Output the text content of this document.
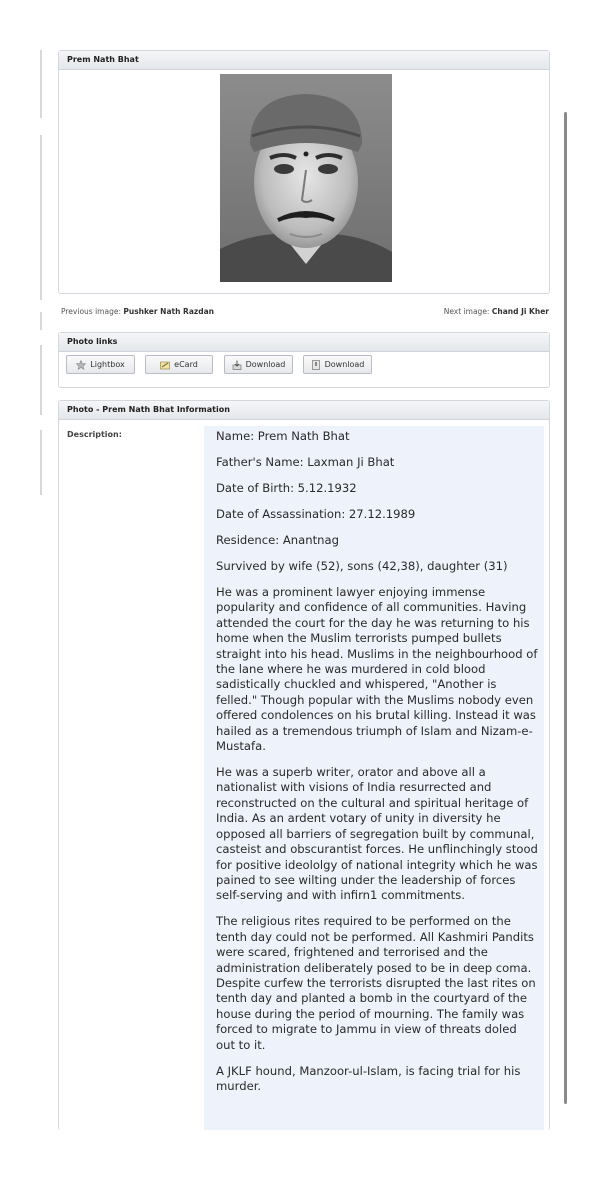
Prem Nath Bhat
Previous image: Pushker Nath Razdan	Next image: Chand Ji Kher
Photo links
Lightbox	eCard	Download	Download
Photo - Prem Nath Bhat Information
Description:	Name: Prem Nath Bhat

Father's Name: Laxman Ji Bhat

Date of Birth: 5.12.1932

Date of Assassination: 27.12.1989

Residence: Anantnag

Survived by wife (52), sons (42,38), daughter (31)

He was a prominent lawyer enjoying immense popularity and confidence of all communities. Having attended the court for the day he was returning to his home when the Muslim terrorists pumped bullets straight into his head. Muslims in the neighbourhood of the lane where he was murdered in cold blood sadistically chuckled and whispered, "Another is felled." Though popular with the Muslims nobody even offered condolences on his brutal killing. Instead it was hailed as a tremendous triumph of Islam and Nizam-e-Mustafa.

He was a superb writer, orator and above all a nationalist with visions of India resurrected and reconstructed on the cultural and spiritual heritage of India. As an ardent votary of unity in diversity he opposed all barriers of segregation built by communal, casteist and obscurantist forces. He unflinchingly stood for positive ideololgy of national integrity which he was pained to see wilting under the leadership of forces self-serving and with infirn1 commitments.

The religious rites required to be performed on the tenth day could not be performed. All Kashmiri Pandits were scared, frightened and terrorised and the administration deliberately posed to be in deep coma. Despite curfew the terrorists disrupted the last rites on tenth day and planted a bomb in the courtyard of the house during the period of mourning. The family was forced to migrate to Jammu in view of threats doled out to it.

A JKLF hound, Manzoor-ul-Islam, is facing trial for his murder.
